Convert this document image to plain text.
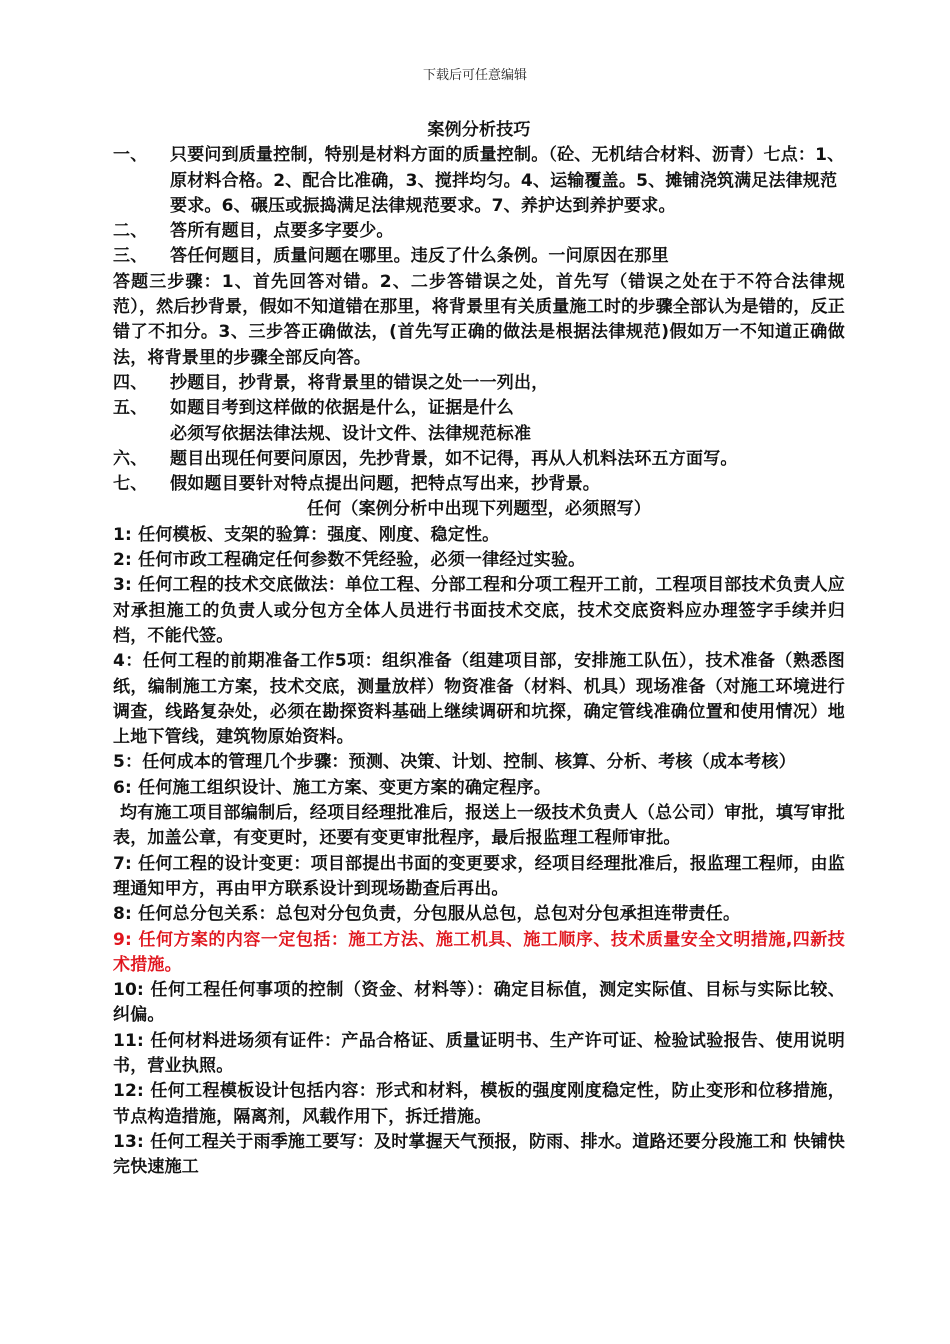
下载后可任意编辑
案例分析技巧
一、	只要问到质量控制，特别是材料方面的质量控制。（砼、无机结合材料、沥青）七点：1、原材料合格。2、配合比准确，3、搅拌均匀。4、运输覆盖。5、摊铺浇筑满足法律规范要求。6、碾压或振捣满足法律规范要求。7、养护达到养护要求。
二、	答所有题目，点要多字要少。
三、	答任何题目，质量问题在哪里。违反了什么条例。一问原因在那里
答题三步骤：1、首先回答对错。2、二步答错误之处，首先写（错误之处在于不符合法律规范），然后抄背景，假如不知道错在那里，将背景里有关质量施工时的步骤全部认为是错的，反正错了不扣分。3、三步答正确做法，(首先写正确的做法是根据法律规范)假如万一不知道正确做法，将背景里的步骤全部反向答。
四、	抄题目，抄背景，将背景里的错误之处一一列出，
五、	如题目考到这样做的依据是什么，证据是什么
必须写依据法律法规、设计文件、法律规范标准
六、	题目出现任何要问原因，先抄背景，如不记得，再从人机料法环五方面写。
七、	假如题目要针对特点提出问题，把特点写出来，抄背景。
任何（案例分析中出现下列题型，必须照写）
1: 任何模板、支架的验算：强度、刚度、稳定性。
2: 任何市政工程确定任何参数不凭经验，必须一律经过实验。
3: 任何工程的技术交底做法：单位工程、分部工程和分项工程开工前，工程项目部技术负责人应对承担施工的负责人或分包方全体人员进行书面技术交底，技术交底资料应办理签字手续并归档，不能代签。
4：任何工程的前期准备工作5项：组织准备（组建项目部，安排施工队伍），技术准备（熟悉图纸，编制施工方案，技术交底，测量放样）物资准备（材料、机具）现场准备（对施工环境进行调查，线路复杂处，必须在勘探资料基础上继续调研和坑探，确定管线准确位置和使用情况）地上地下管线，建筑物原始资料。
5：任何成本的管理几个步骤：预测、决策、计划、控制、核算、分析、考核（成本考核）
6: 任何施工组织设计、施工方案、变更方案的确定程序。
均有施工项目部编制后，经项目经理批准后，报送上一级技术负责人（总公司）审批，填写审批表，加盖公章，有变更时，还要有变更审批程序，最后报监理工程师审批。
7: 任何工程的设计变更：项目部提出书面的变更要求，经项目经理批准后，报监理工程师，由监理通知甲方，再由甲方联系设计到现场勘查后再出。
8: 任何总分包关系：总包对分包负责，分包服从总包，总包对分包承担连带责任。
9: 任何方案的内容一定包括：施工方法、施工机具、施工顺序、技术质量安全文明措施,四新技术措施。
10: 任何工程任何事项的控制（资金、材料等）：确定目标值，测定实际值、目标与实际比较、纠偏。
11: 任何材料进场须有证件：产品合格证、质量证明书、生产许可证、检验试验报告、使用说明书，营业执照。
12: 任何工程模板设计包括内容：形式和材料，模板的强度刚度稳定性，防止变形和位移措施，节点构造措施，隔离剂，风载作用下，拆迁措施。
13: 任何工程关于雨季施工要写：及时掌握天气预报，防雨、排水。道路还要分段施工和 快铺快完快速施工
